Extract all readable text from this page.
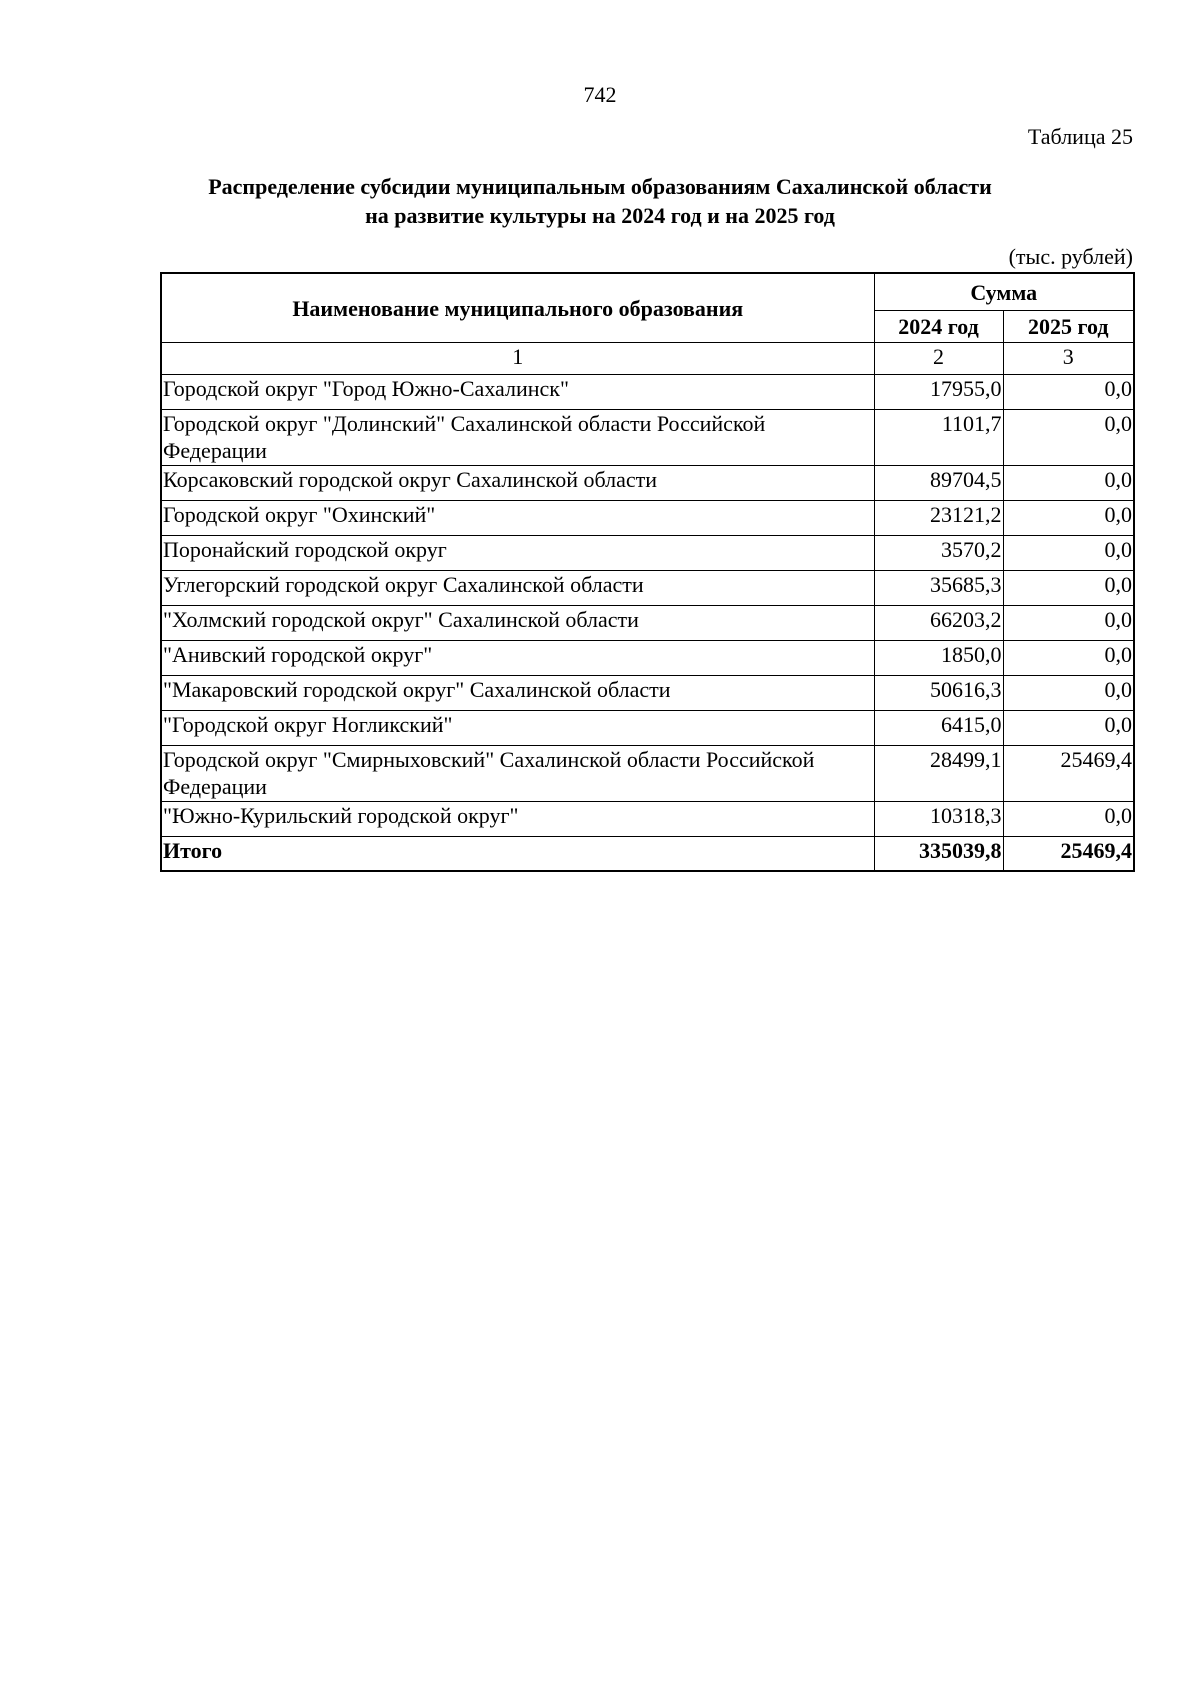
742
Таблица 25
Распределение субсидии муниципальным образованиям Сахалинской области
на развитие культуры на 2024 год и на 2025 год
(тыс. рублей)
Наименование муниципального образования	Сумма	
	2024 год	2025 год
1	2	3
Городской округ "Город Южно-Сахалинск"	17955,0	0,0
Городской округ "Долинский" Сахалинской области Российской Федерации	1101,7	0,0
Корсаковский городской округ Сахалинской области	89704,5	0,0
Городской округ "Охинский"	23121,2	0,0
Поронайский городской округ	3570,2	0,0
Углегорский городской округ Сахалинской области	35685,3	0,0
"Холмский городской округ" Сахалинской области	66203,2	0,0
"Анивский городской округ"	1850,0	0,0
"Макаровский городской округ" Сахалинской области	50616,3	0,0
"Городской округ Ногликский"	6415,0	0,0
Городской округ "Смирныховский" Сахалинской области Российской Федерации	28499,1	25469,4
"Южно-Курильский городской округ"	10318,3	0,0
Итого	335039,8	25469,4
